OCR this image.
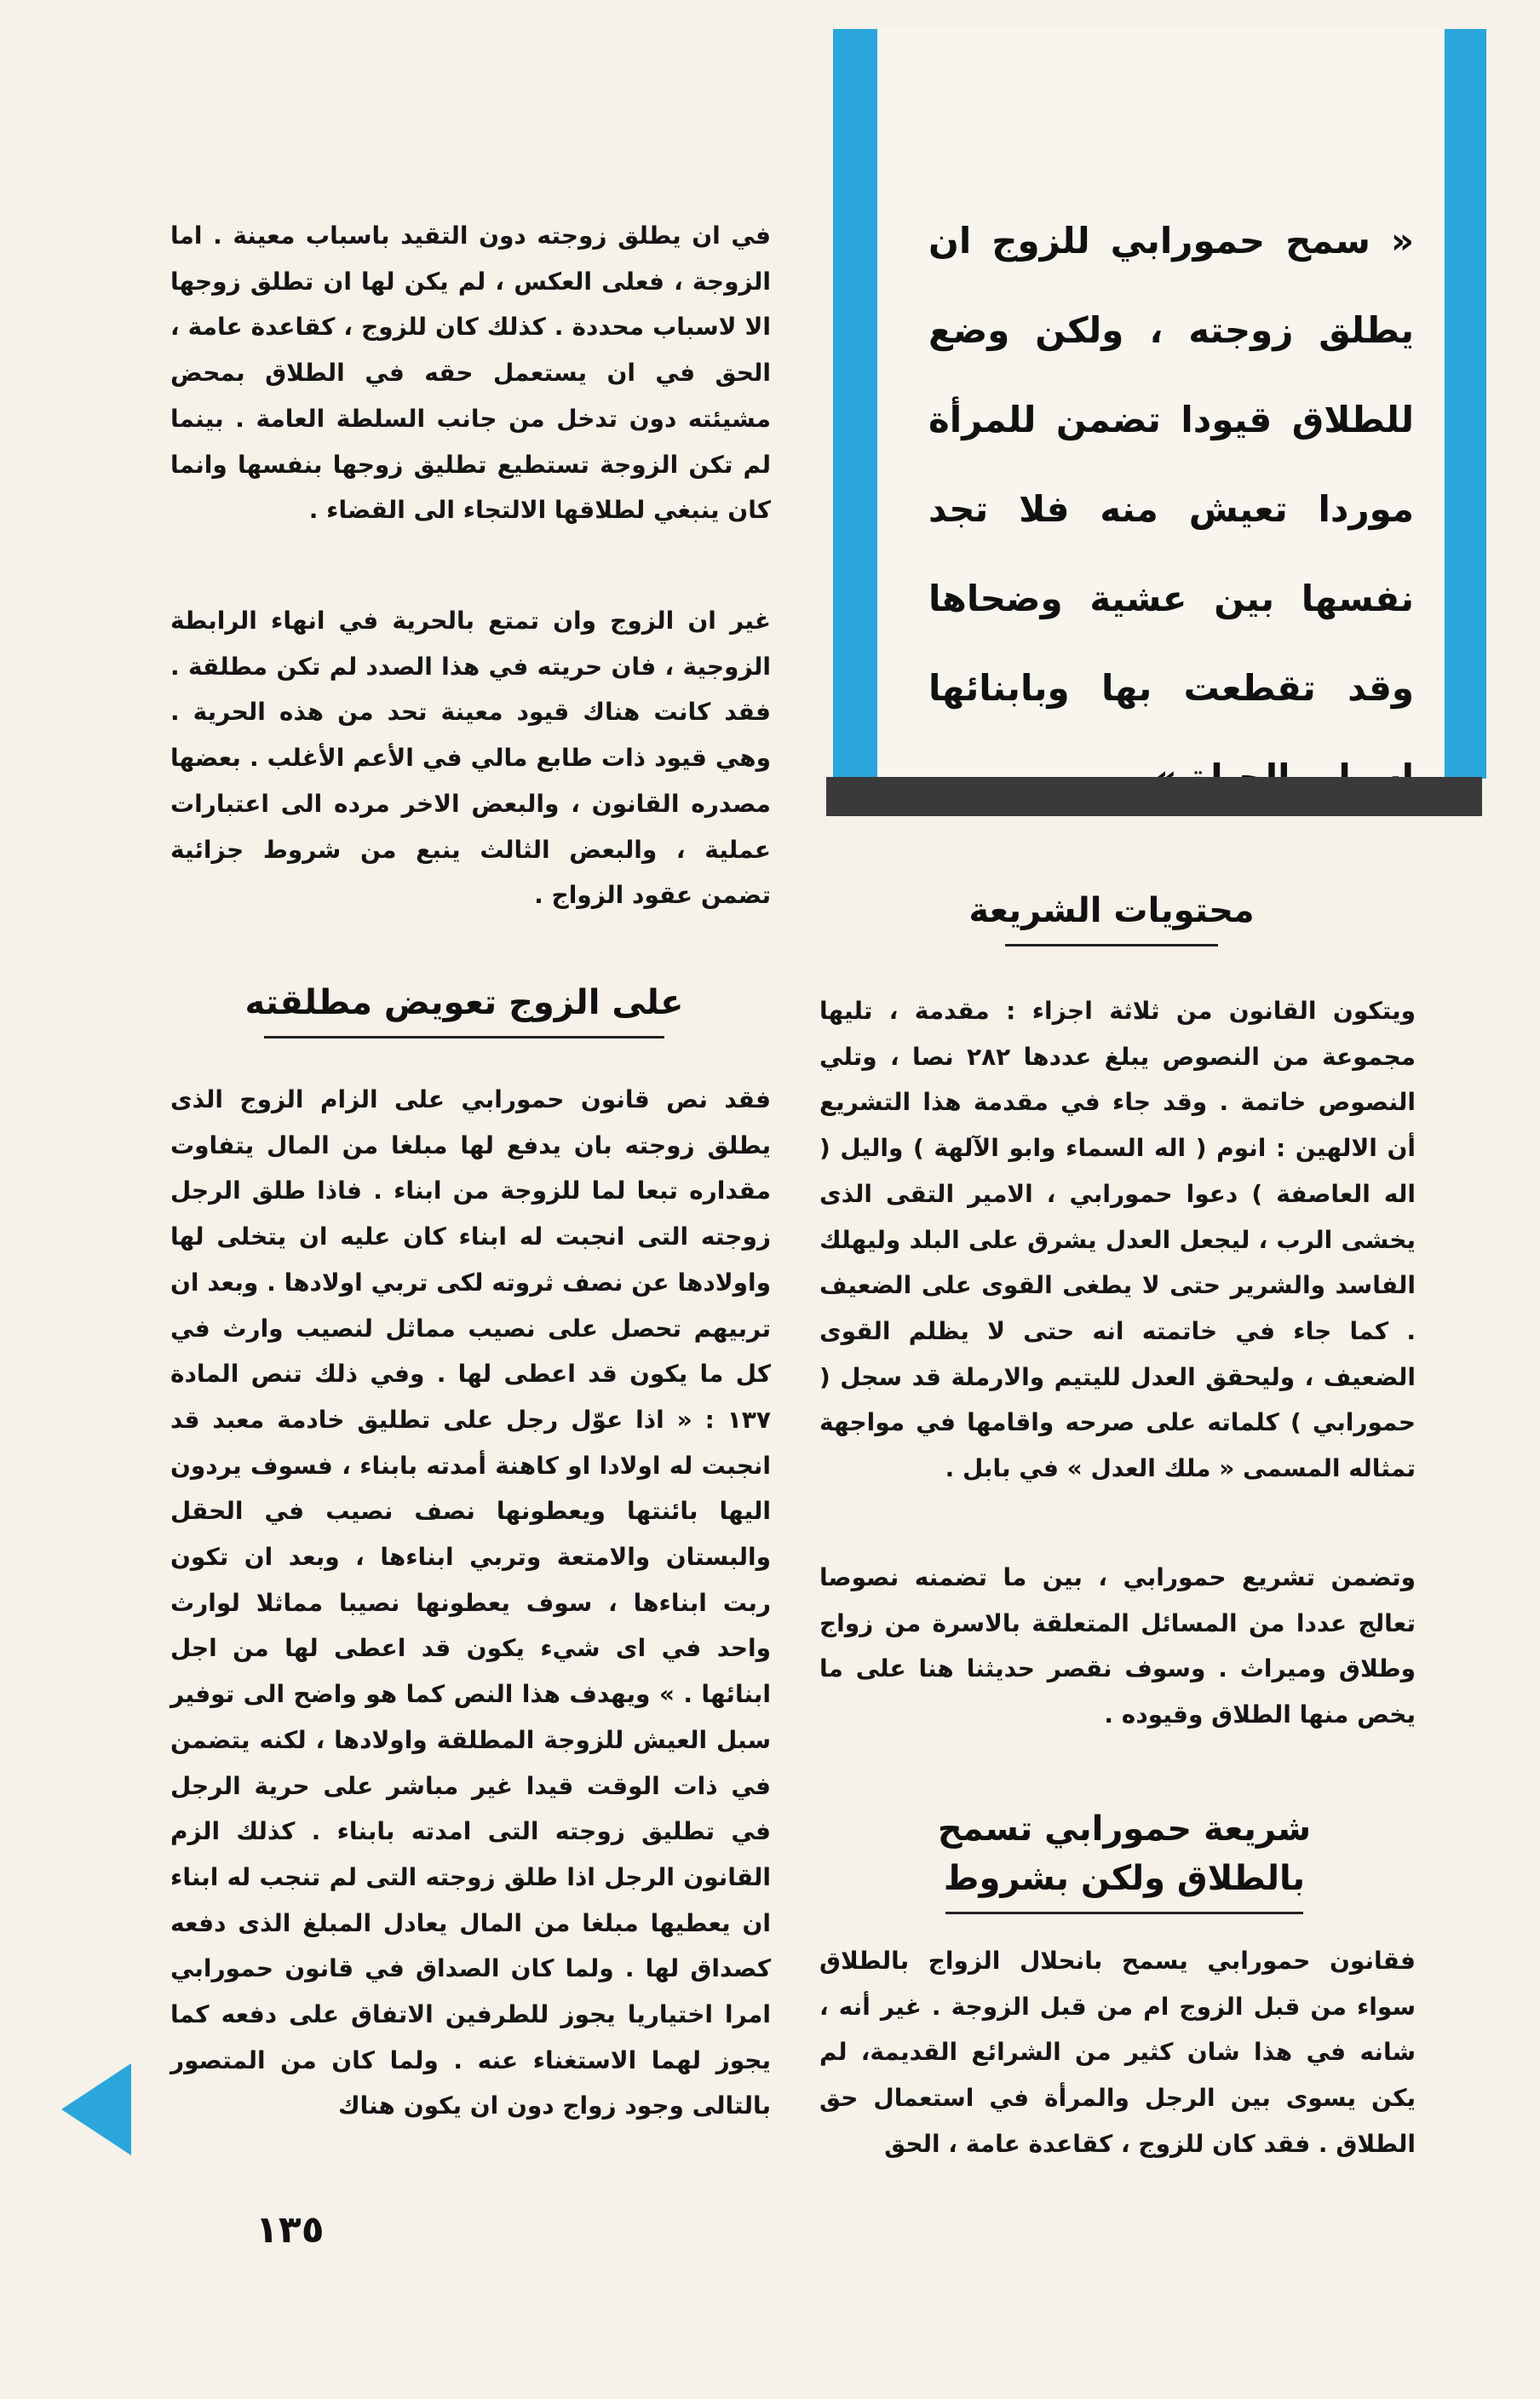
« سمح حمورابي للزوج ان يطلق زوجته ، ولكن وضع للطلاق قيودا تضمن للمرأة موردا تعيش منه فلا تجد نفسها بين عشية وضحاها وقد تقطعت بها وبابنائها

في ان يطلق زوجته دون التقيد باسباب معينة . اما الزوجة ، فعلى العكس ، لم يكن لها ان تطلق زوجها الا لاسباب محددة . كذلك كان للزوج ، كقاعدة عامة ، الحق في ان يستعمل حقه في الطلاق بمحض مشيئته دون تدخل من جانب السلطة العامة . بينما لم تكن الزوجة تستطيع تطليق زوجها بنفسها وانما كان ينبغي لطلاقها الالتجاء الى القضاء .

غير ان الزوج وان تمتع بالحرية في انهاء الرابطة الزوجية ، فان حريته في هذا الصدد لم تكن مطلقة . فقد كانت هناك قيود معينة تحد من هذه الحرية . وهي قيود ذات طابع مالي في الأعم الأغلب . بعضها مصدره القانون ، والبعض الاخر مرده الى اعتبارات عملية ، والبعض الثالث ينبع من شروط جزائية تضمن عقود الزواج .

على الزوج تعويض مطلقته

فقد نص قانون حمورابي على الزام الزوج الذى يطلق زوجته بان يدفع لها مبلغا من المال يتفاوت مقداره تبعا لما للزوجة من ابناء . فاذا طلق الرجل زوجته التى انجبت له ابناء كان عليه ان يتخلى لها واولادها عن نصف ثروته لكى تربي اولادها . وبعد ان تربيهم تحصل على نصيب مماثل لنصيب وارث في كل ما يكون قد اعطى لها . وفي ذلك تنص المادة ١٣٧ : « اذا عوّل رجل على تطليق خادمة معبد قد انجبت له اولادا او كاهنة أمدته بابناء ، فسوف يردون اليها بائنتها ويعطونها نصف نصيب في الحقل والبستان والامتعة وتربي ابناءها ، وبعد ان تكون ربت ابناءها ، سوف يعطونها نصيبا مماثلا لوارث واحد في اى شيء يكون قد اعطى لها من اجل ابنائها . » ويهدف هذا النص كما هو واضح الى توفير سبل العيش للزوجة المطلقة واولادها ، لكنه يتضمن في ذات الوقت قيدا غير مباشر على حرية الرجل في تطليق زوجته التى امدته بابناء . كذلك الزم القانون الرجل اذا طلق زوجته التى لم تنجب له ابناء ان يعطيها مبلغا من المال يعادل المبلغ الذى دفعه كصداق لها . ولما كان الصداق في قانون حمورابي امرا اختياريا يجوز للطرفين الاتفاق على دفعه كما يجوز لهما الاستغناء عنه . ولما كان من المتصور بالتالى وجود زواج دون ان يكون هناك

محتويات الشريعة

ويتكون القانون من ثلاثة اجزاء : مقدمة ، تليها مجموعة من النصوص يبلغ عددها ٢٨٢ نصا ، وتلي النصوص خاتمة . وقد جاء في مقدمة هذا التشريع أن الالهين : انوم ( اله السماء وابو الآلهة ) واليل ( اله العاصفة ) دعوا حمورابي ، الامير التقى الذى يخشى الرب ، ليجعل العدل يشرق على البلد وليهلك الفاسد والشرير حتى لا يطغى القوى على الضعيف . كما جاء في خاتمته انه حتى لا يظلم القوى الضعيف ، وليحقق العدل لليتيم والارملة قد سجل ( حمورابي ) كلماته على صرحه واقامها في مواجهة تمثاله المسمى « ملك العدل » في بابل .

وتضمن تشريع حمورابي ، بين ما تضمنه نصوصا تعالج عددا من المسائل المتعلقة بالاسرة من زواج وطلاق وميراث . وسوف نقصر حديثنا هنا على ما يخص منها الطلاق وقيوده .

شريعة حمورابي تسمح بالطلاق ولكن بشروط

فقانون حمورابي يسمح بانحلال الزواج بالطلاق سواء من قبل الزوج ام من قبل الزوجة . غير أنه ، شانه في هذا شان كثير من الشرائع القديمة، لم يكن يسوى بين الرجل والمرأة في استعمال حق الطلاق . فقد كان للزوج ، كقاعدة عامة ، الحق

١٣٥
